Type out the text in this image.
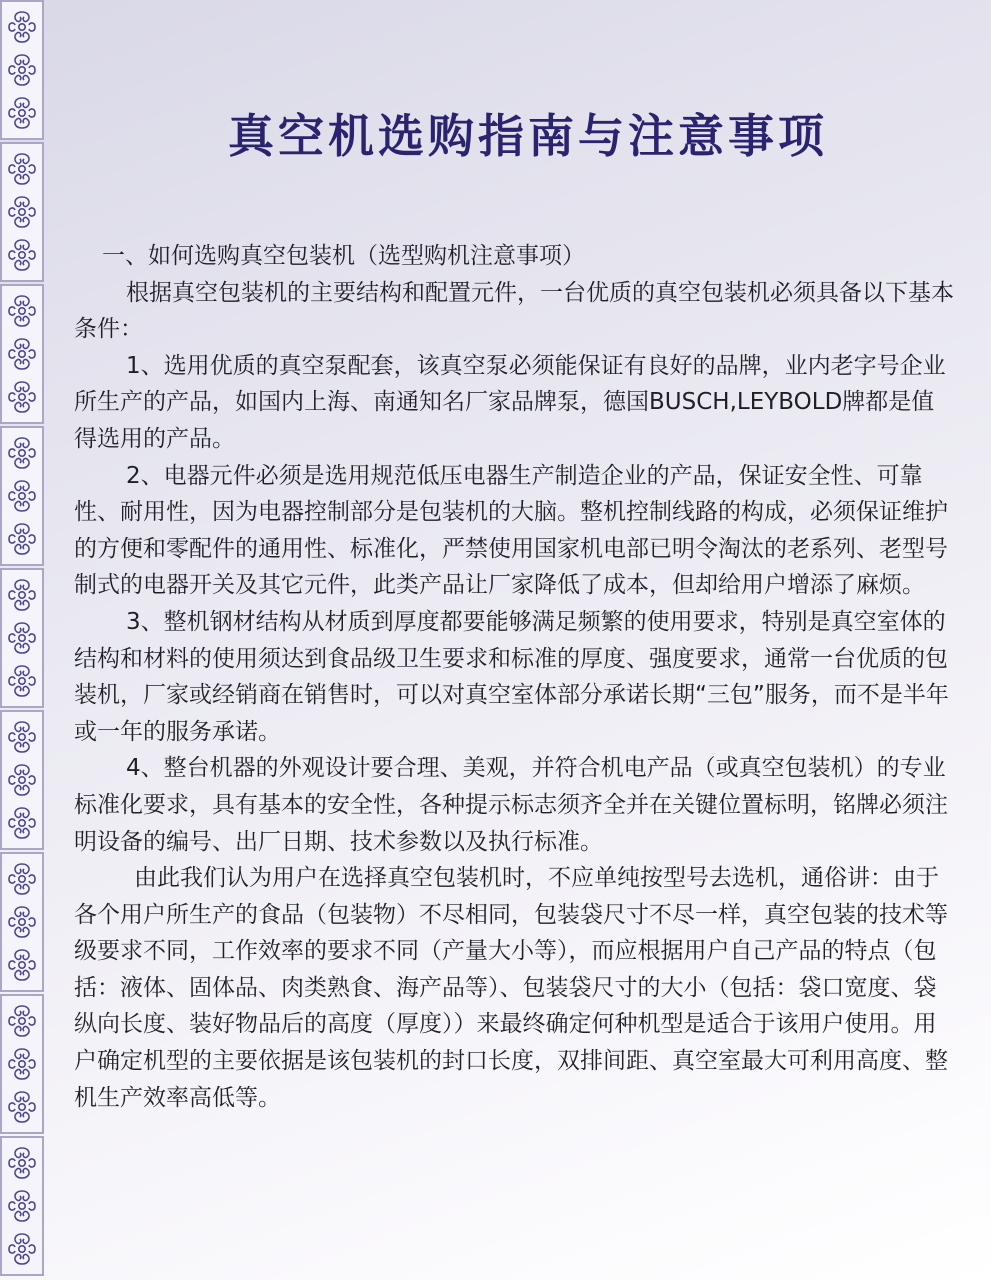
真空机选购指南与注意事项

一、如何选购真空包装机（选型购机注意事项）

根据真空包装机的主要结构和配置元件，一台优质的真空包装机必须具备以下基本条件：

1、选用优质的真空泵配套，该真空泵必须能保证有良好的品牌，业内老字号企业所生产的产品，如国内上海、南通知名厂家品牌泵，德国BUSCH,LEYBOLD牌都是值得选用的产品。

2、电器元件必须是选用规范低压电器生产制造企业的产品，保证安全性、可靠性、耐用性，因为电器控制部分是包装机的大脑。整机控制线路的构成，必须保证维护的方便和零配件的通用性、标准化，严禁使用国家机电部已明令淘汰的老系列、老型号制式的电器开关及其它元件，此类产品让厂家降低了成本，但却给用户增添了麻烦。

3、整机钢材结构从材质到厚度都要能够满足频繁的使用要求，特别是真空室体的结构和材料的使用须达到食品级卫生要求和标准的厚度、强度要求，通常一台优质的包装机，厂家或经销商在销售时，可以对真空室体部分承诺长期“三包”服务，而不是半年或一年的服务承诺。

4、整台机器的外观设计要合理、美观，并符合机电产品（或真空包装机）的专业标准化要求，具有基本的安全性，各种提示标志须齐全并在关键位置标明，铭牌必须注明设备的编号、出厂日期、技术参数以及执行标准。

由此我们认为用户在选择真空包装机时，不应单纯按型号去选机，通俗讲：由于各个用户所生产的食品（包装物）不尽相同，包装袋尺寸不尽一样，真空包装的技术等级要求不同，工作效率的要求不同（产量大小等），而应根据用户自己产品的特点（包括：液体、固体品、肉类熟食、海产品等）、包装袋尺寸的大小（包括：袋口宽度、袋纵向长度、装好物品后的高度（厚度））来最终确定何种机型是适合于该用户使用。用户确定机型的主要依据是该包装机的封口长度，双排间距、真空室最大可利用高度、整机生产效率高低等。
